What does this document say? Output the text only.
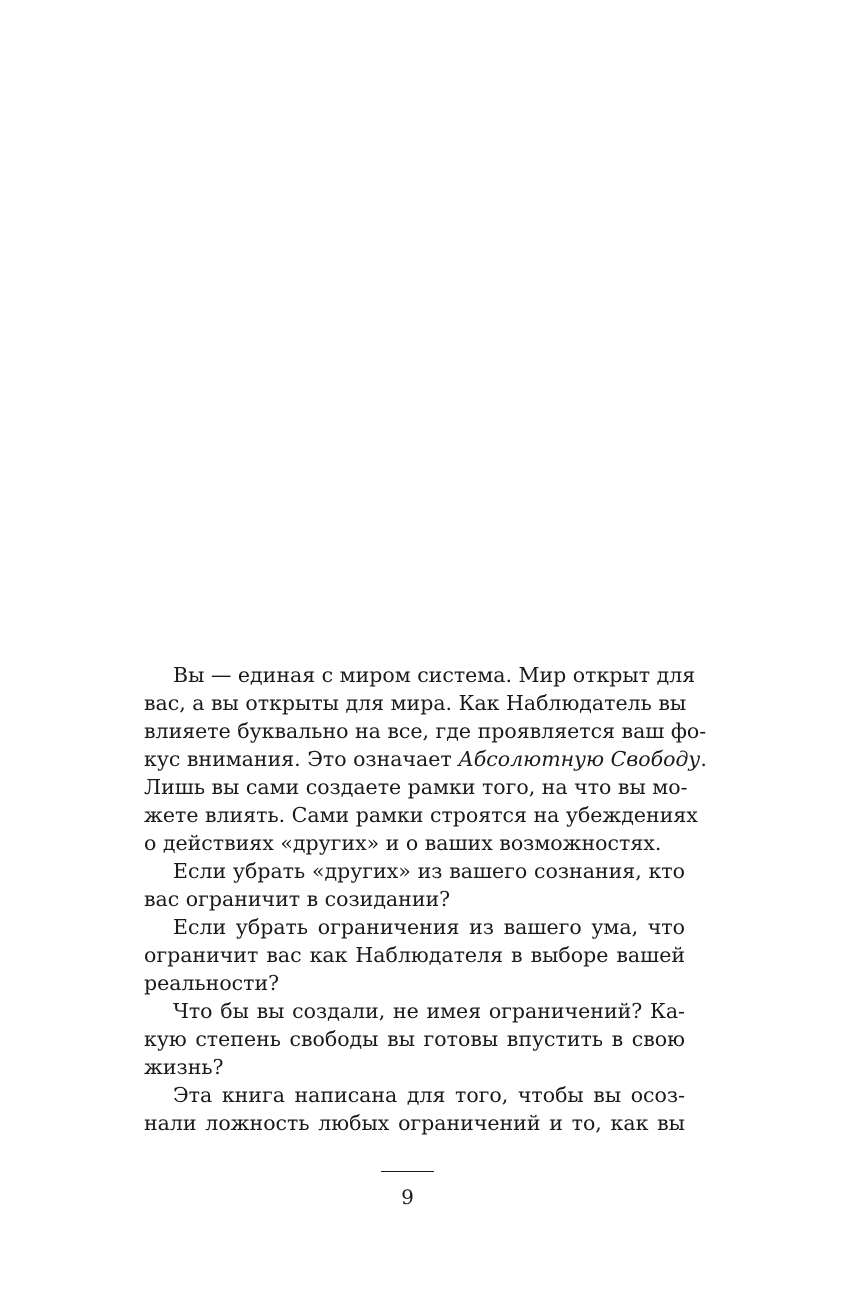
Вы — единая с миром система. Мир открыт для
вас, а вы открыты для мира. Как Наблюдатель вы
влияете буквально на все, где проявляется ваш фо-
кус внимания. Это означает Абсолютную Свободу.
Лишь вы сами создаете рамки того, на что вы мо-
жете влиять. Сами рамки строятся на убеждениях
о действиях «других» и о ваших возможностях.
Если убрать «других» из вашего сознания, кто
вас ограничит в созидании?
Если убрать ограничения из вашего ума, что
ограничит вас как Наблюдателя в выборе вашей
реальности?
Что бы вы создали, не имея ограничений? Ка-
кую степень свободы вы готовы впустить в свою
жизнь?
Эта книга написана для того, чтобы вы осоз-
нали ложность любых ограничений и то, как вы
9
